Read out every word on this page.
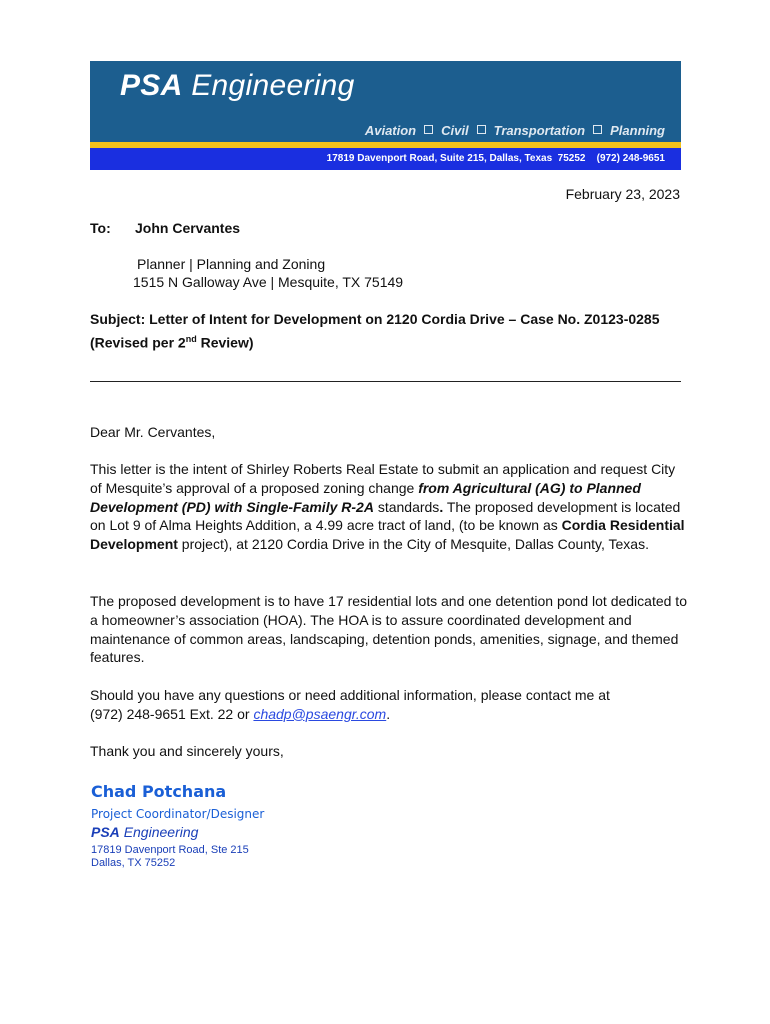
PSA Engineering
Aviation Civil Transportation Planning
17819 Davenport Road, Suite 215, Dallas, Texas  75252    (972) 248-9651
February 23, 2023
To: John Cervantes
Planner | Planning and Zoning
1515 N Galloway Ave | Mesquite, TX 75149
Subject: Letter of Intent for Development on 2120 Cordia Drive – Case No. Z0123-0285
(Revised per 2nd Review)
Dear Mr. Cervantes,
This letter is the intent of Shirley Roberts Real Estate to submit an application and request City of Mesquite’s approval of a proposed zoning change from Agricultural (AG) to Planned Development (PD) with Single-Family R-2A standards. The proposed development is located on Lot 9 of Alma Heights Addition, a 4.99 acre tract of land, (to be known as Cordia Residential Development project), at 2120 Cordia Drive in the City of Mesquite, Dallas County, Texas.
The proposed development is to have 17 residential lots and one detention pond lot dedicated to a homeowner’s association (HOA). The HOA is to assure coordinated development and maintenance of common areas, landscaping, detention ponds, amenities, signage, and themed features.
Should you have any questions or need additional information, please contact me at
(972) 248-9651 Ext. 22 or chadp@psaengr.com.
Thank you and sincerely yours,
Chad Potchana
Project Coordinator/Designer
PSA Engineering
17819 Davenport Road, Ste 215
Dallas, TX 75252
